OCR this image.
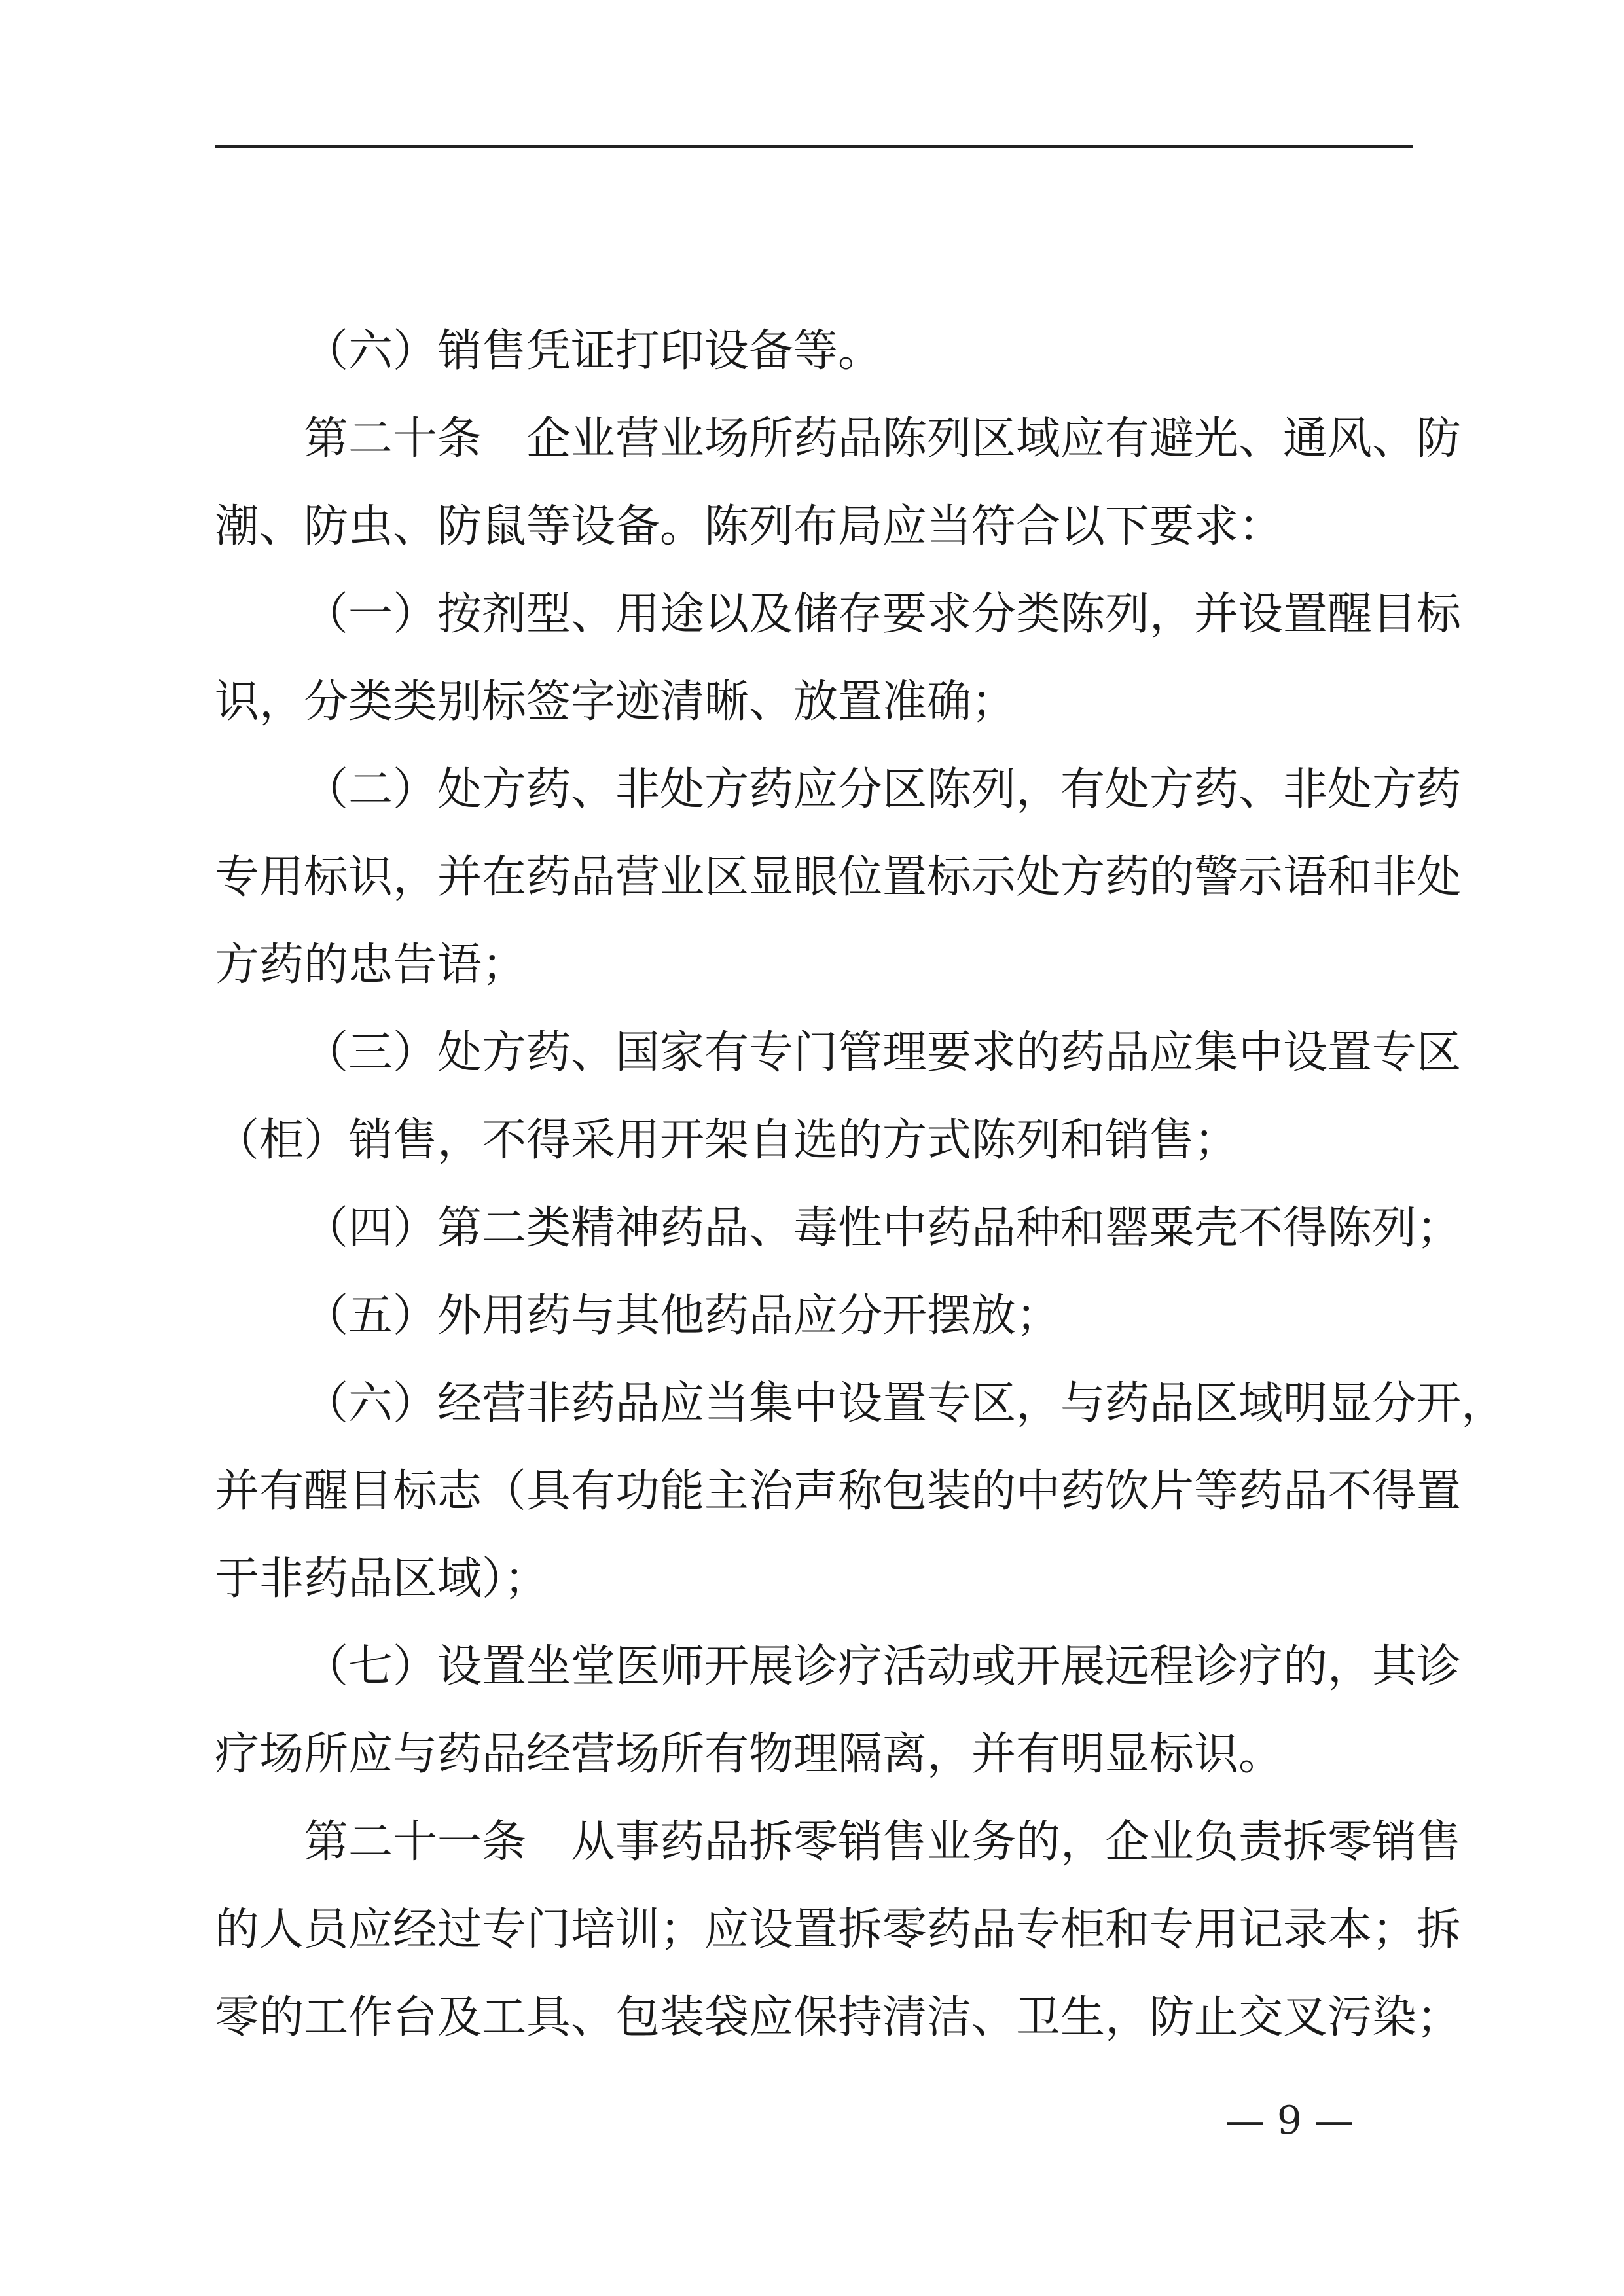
（六）销售凭证打印设备等。
第二十条　企业营业场所药品陈列区域应有避光、通风、防
潮、防虫、防鼠等设备。陈列布局应当符合以下要求：
（一）按剂型、用途以及储存要求分类陈列，并设置醒目标
识，分类类别标签字迹清晰、放置准确；
（二）处方药、非处方药应分区陈列，有处方药、非处方药
专用标识，并在药品营业区显眼位置标示处方药的警示语和非处
方药的忠告语；
（三）处方药、国家有专门管理要求的药品应集中设置专区
（柜）销售，不得采用开架自选的方式陈列和销售；
（四）第二类精神药品、毒性中药品种和罂粟壳不得陈列；
（五）外用药与其他药品应分开摆放；
（六）经营非药品应当集中设置专区，与药品区域明显分开，
并有醒目标志（具有功能主治声称包装的中药饮片等药品不得置
于非药品区域）；
（七）设置坐堂医师开展诊疗活动或开展远程诊疗的，其诊
疗场所应与药品经营场所有物理隔离，并有明显标识。
第二十一条　从事药品拆零销售业务的，企业负责拆零销售
的人员应经过专门培训；应设置拆零药品专柜和专用记录本；拆
零的工作台及工具、包装袋应保持清洁、卫生，防止交叉污染；
— 9 —
